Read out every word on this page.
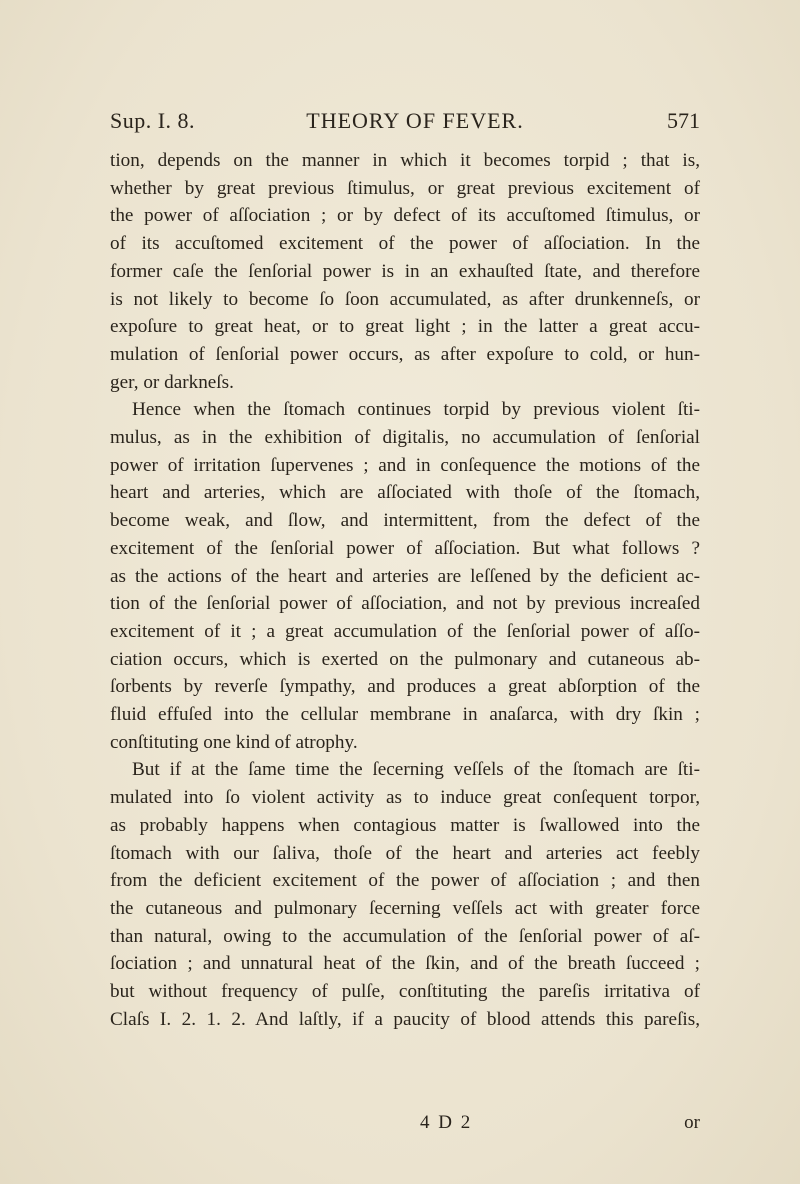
Sup. I. 8.	THEORY OF FEVER.	571
tion, depends on the manner in which it becomes torpid ; that is,
whether by great previous ſtimulus, or great previous excitement of
the power of aſſociation ; or by defect of its accuſtomed ſtimulus, or
of its accuſtomed excitement of the power of aſſociation. In the
former caſe the ſenſorial power is in an exhauſted ſtate, and therefore
is not likely to become ſo ſoon accumulated, as after drunkenneſs, or
expoſure to great heat, or to great light ; in the latter a great accu-
mulation of ſenſorial power occurs, as after expoſure to cold, or hun-
ger, or darkneſs.
Hence when the ſtomach continues torpid by previous violent ſti-
mulus, as in the exhibition of digitalis, no accumulation of ſenſorial
power of irritation ſupervenes ; and in conſequence the motions of the
heart and arteries, which are aſſociated with thoſe of the ſtomach,
become weak, and ſlow, and intermittent, from the defect of the
excitement of the ſenſorial power of aſſociation. But what follows ?
as the actions of the heart and arteries are leſſened by the deficient ac-
tion of the ſenſorial power of aſſociation, and not by previous increaſed
excitement of it ; a great accumulation of the ſenſorial power of aſſo-
ciation occurs, which is exerted on the pulmonary and cutaneous ab-
ſorbents by reverſe ſympathy, and produces a great abſorption of the
fluid effuſed into the cellular membrane in anaſarca, with dry ſkin ;
conſtituting one kind of atrophy.
But if at the ſame time the ſecerning veſſels of the ſtomach are ſti-
mulated into ſo violent activity as to induce great conſequent torpor,
as probably happens when contagious matter is ſwallowed into the
ſtomach with our ſaliva, thoſe of the heart and arteries act feebly
from the deficient excitement of the power of aſſociation ; and then
the cutaneous and pulmonary ſecerning veſſels act with greater force
than natural, owing to the accumulation of the ſenſorial power of aſ-
ſociation ; and unnatural heat of the ſkin, and of the breath ſucceed ;
but without frequency of pulſe, conſtituting the pareſis irritativa of
Claſs I. 2. 1. 2. And laſtly, if a paucity of blood attends this pareſis,
4 D 2	or
